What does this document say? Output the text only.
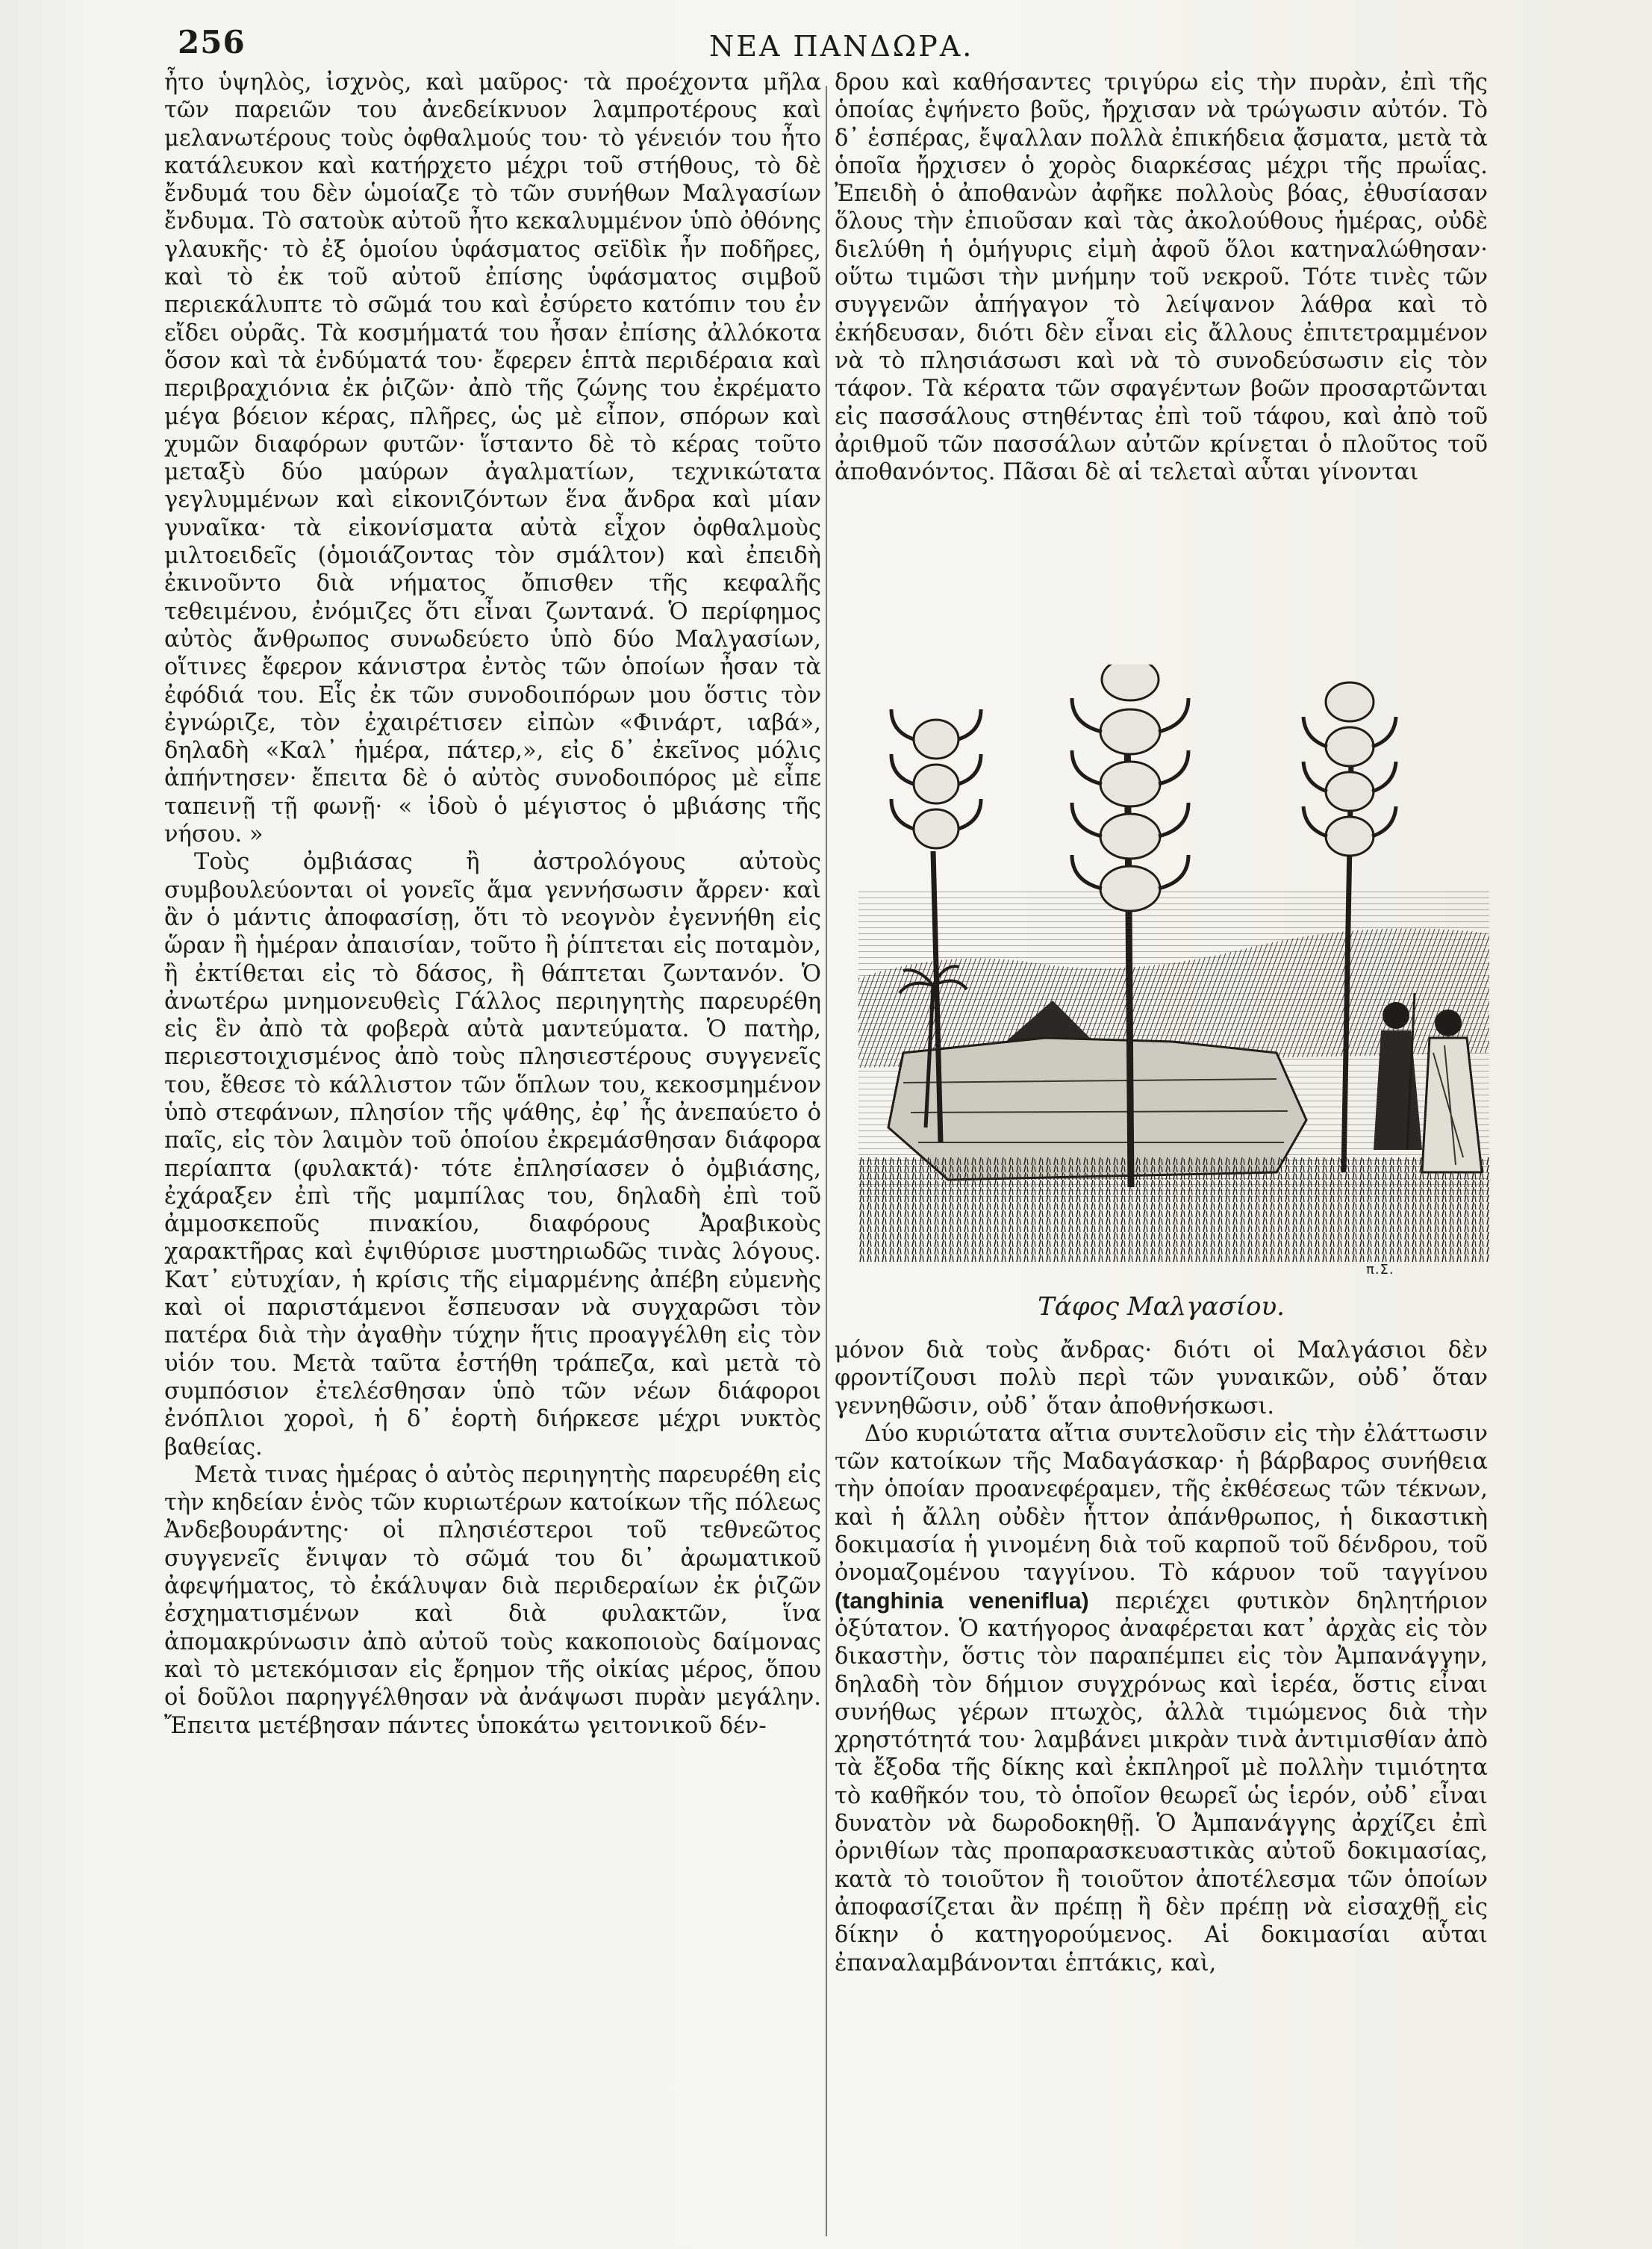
256	ΝΕΑ ΠΑΝΔΩΡΑ.

ἦτο ὑψηλὸς, ἰσχνὸς, καὶ μαῦρος· τὰ προέχοντα μῆλα τῶν παρειῶν του ἀνεδείκνυον λαμπροτέρους καὶ μελανωτέρους τοὺς ὀφθαλμούς του· τὸ γένειόν του ἦτο κατάλευκον καὶ κατήρχετο μέχρι τοῦ στήθους, τὸ δὲ ἔνδυμά του δὲν ὡμοίαζε τὸ τῶν συνήθων Μαλγασίων ἔνδυμα. Τὸ σατοὺκ αὐτοῦ ἦτο κεκαλυμμένον ὑπὸ ὀθόνης γλαυκῆς· τὸ ἐξ ὁμοίου ὑφάσματος σεϊδὶκ ἦν ποδῆρες, καὶ τὸ ἐκ τοῦ αὐτοῦ ἐπίσης ὑφάσματος σιμβοῦ περιεκάλυπτε τὸ σῶμά του καὶ ἐσύρετο κατόπιν του ἐν εἴδει οὐρᾶς. Τὰ κοσμήματά του ἦσαν ἐπίσης ἀλλόκοτα ὅσον καὶ τὰ ἐνδύματά του· ἔφερεν ἑπτὰ περιδέραια καὶ περιβραχιόνια ἐκ ῥιζῶν· ἀπὸ τῆς ζώνης του ἐκρέματο μέγα βόειον κέρας, πλῆρες, ὡς μὲ εἶπον, σπόρων καὶ χυμῶν διαφόρων φυτῶν· ἵσταντο δὲ τὸ κέρας τοῦτο μεταξὺ δύο μαύρων ἀγαλματίων, τεχνικώτατα γεγλυμμένων καὶ εἰκονιζόντων ἕνα ἄνδρα καὶ μίαν γυναῖκα· τὰ εἰκονίσματα αὐτὰ εἶχον ὀφθαλμοὺς μιλτοειδεῖς (ὁμοιάζοντας τὸν σμάλτον) καὶ ἐπειδὴ ἐκινοῦντο διὰ νήματος ὄπισθεν τῆς κεφαλῆς τεθειμένου, ἐνόμιζες ὅτι εἶναι ζωντανά. Ὁ περίφημος αὐτὸς ἄνθρωπος συνωδεύετο ὑπὸ δύο Μαλγασίων, οἵτινες ἔφερον κάνιστρα ἐντὸς τῶν ὁποίων ἦσαν τὰ ἐφόδιά του. Εἷς ἐκ τῶν συνοδοιπόρων μου ὅστις τὸν ἐγνώριζε, τὸν ἐχαιρέτισεν εἰπὼν «Φινάρτ, ιαβά», δηλαδὴ «Καλ᾽ ἡμέρα, πάτερ,», εἰς δ᾽ ἐκεῖνος μόλις ἀπήντησεν· ἔπειτα δὲ ὁ αὐτὸς συνοδοιπόρος μὲ εἶπε ταπεινῇ τῇ φωνῇ· « ἰδοὺ ὁ μέγιστος ὁ μβιάσης τῆς νήσου. »

Τοὺς ὀμβιάσας ἢ ἀστρολόγους αὐτοὺς συμβουλεύονται οἱ γονεῖς ἅμα γεννήσωσιν ἄρρεν· καὶ ἂν ὁ μάντις ἀποφασίσῃ, ὅτι τὸ νεογνὸν ἐγεννήθη εἰς ὥραν ἢ ἡμέραν ἀπαισίαν, τοῦτο ἢ ῥίπτεται εἰς ποταμὸν, ἢ ἐκτίθεται εἰς τὸ δάσος, ἢ θάπτεται ζωντανόν. Ὁ ἀνωτέρω μνημονευθεὶς Γάλλος περιηγητὴς παρευρέθη εἰς ἓν ἀπὸ τὰ φοβερὰ αὐτὰ μαντεύματα. Ὁ πατὴρ, περιεστοιχισμένος ἀπὸ τοὺς πλησιεστέρους συγγενεῖς του, ἔθεσε τὸ κάλλιστον τῶν ὅπλων του, κεκοσμημένον ὑπὸ στεφάνων, πλησίον τῆς ψάθης, ἐφ᾽ ἧς ἀνεπαύετο ὁ παῖς, εἰς τὸν λαιμὸν τοῦ ὁποίου ἐκρεμάσθησαν διάφορα περίαπτα (φυλακτά)· τότε ἐπλησίασεν ὁ ὀμβιάσης, ἐχάραξεν ἐπὶ τῆς μαμπίλας του, δηλαδὴ ἐπὶ τοῦ ἀμμοσκεποῦς πινακίου, διαφόρους Ἀραβικοὺς χαρακτῆρας καὶ ἐψιθύρισε μυστηριωδῶς τινὰς λόγους. Κατ᾽ εὐτυχίαν, ἡ κρίσις τῆς εἱμαρμένης ἀπέβη εὐμενὴς καὶ οἱ παριστάμενοι ἔσπευσαν νὰ συγχαρῶσι τὸν πατέρα διὰ τὴν ἀγαθὴν τύχην ἥτις προαγγέλθη εἰς τὸν υἱόν του. Μετὰ ταῦτα ἐστήθη τράπεζα, καὶ μετὰ τὸ συμπόσιον ἐτελέσθησαν ὑπὸ τῶν νέων διάφοροι ἐνόπλιοι χοροὶ, ἡ δ᾽ ἑορτὴ διήρκεσε μέχρι νυκτὸς βαθείας.

Μετὰ τινας ἡμέρας ὁ αὐτὸς περιηγητὴς παρευρέθη εἰς τὴν κηδείαν ἑνὸς τῶν κυριωτέρων κατοίκων τῆς πόλεως Ἀνδεβουράντης· οἱ πλησιέστεροι τοῦ τεθνεῶτος συγγενεῖς ἔνιψαν τὸ σῶμά του δι᾽ ἀρωματικοῦ ἀφεψήματος, τὸ ἐκάλυψαν διὰ περιδεραίων ἐκ ῥιζῶν ἐσχηματισμένων καὶ διὰ φυλακτῶν, ἵνα ἀπομακρύνωσιν ἀπὸ αὐτοῦ τοὺς κακοποιοὺς δαίμονας καὶ τὸ μετεκόμισαν εἰς ἔρημον τῆς οἰκίας μέρος, ὅπου οἱ δοῦλοι παρηγγέλθησαν νὰ ἀνάψωσι πυρὰν μεγάλην. Ἔπειτα μετέβησαν πάντες ὑποκάτω γειτονικοῦ δέν-

δρου καὶ καθήσαντες τριγύρω εἰς τὴν πυρὰν, ἐπὶ τῆς ὁποίας ἐψήνετο βοῦς, ἤρχισαν νὰ τρώγωσιν αὐτόν. Τὸ δ᾽ ἑσπέρας, ἔψαλλαν πολλὰ ἐπικήδεια ᾄσματα, μετὰ τὰ ὁποῖα ἤρχισεν ὁ χορὸς διαρκέσας μέχρι τῆς πρωΐας. Ἐπειδὴ ὁ ἀποθανὼν ἀφῆκε πολλοὺς βόας, ἐθυσίασαν ὅλους τὴν ἐπιοῦσαν καὶ τὰς ἀκολούθους ἡμέρας, οὐδὲ διελύθη ἡ ὁμήγυρις εἰμὴ ἀφοῦ ὅλοι κατηναλώθησαν· οὕτω τιμῶσι τὴν μνήμην τοῦ νεκροῦ. Τότε τινὲς τῶν συγγενῶν ἀπήγαγον τὸ λείψανον λάθρα καὶ τὸ ἐκήδευσαν, διότι δὲν εἶναι εἰς ἄλλους ἐπιτετραμμένον νὰ τὸ πλησιάσωσι καὶ νὰ τὸ συνοδεύσωσιν εἰς τὸν τάφον. Τὰ κέρατα τῶν σφαγέντων βοῶν προσαρτῶνται εἰς πασσάλους στηθέντας ἐπὶ τοῦ τάφου, καὶ ἀπὸ τοῦ ἀριθμοῦ τῶν πασσάλων αὐτῶν κρίνεται ὁ πλοῦτος τοῦ ἀποθανόντος. Πᾶσαι δὲ αἱ τελεταὶ αὗται γίνονται

π.Σ.
Τάφος Μαλγασίου.

μόνον διὰ τοὺς ἄνδρας· διότι οἱ Μαλγάσιοι δὲν φροντίζουσι πολὺ περὶ τῶν γυναικῶν, οὐδ᾽ ὅταν γεννηθῶσιν, οὐδ᾽ ὅταν ἀποθνήσκωσι.

Δύο κυριώτατα αἴτια συντελοῦσιν εἰς τὴν ἐλάττωσιν τῶν κατοίκων τῆς Μαδαγάσκαρ· ἡ βάρβαρος συνήθεια τὴν ὁποίαν προανεφέραμεν, τῆς ἐκθέσεως τῶν τέκνων, καὶ ἡ ἄλλη οὐδὲν ἧττον ἀπάνθρωπος, ἡ δικαστικὴ δοκιμασία ἡ γινομένη διὰ τοῦ καρποῦ τοῦ δένδρου, τοῦ ὀνομαζομένου ταγγίνου. Τὸ κάρυον τοῦ ταγγίνου (tanghinia veneniflua) περιέχει φυτικὸν δηλητήριον ὀξύτατον. Ὁ κατήγορος ἀναφέρεται κατ᾽ ἀρχὰς εἰς τὸν δικαστὴν, ὅστις τὸν παραπέμπει εἰς τὸν Ἀμπανάγγην, δηλαδὴ τὸν δήμιον συγχρόνως καὶ ἱερέα, ὅστις εἶναι συνήθως γέρων πτωχὸς, ἀλλὰ τιμώμενος διὰ τὴν χρηστότητά του· λαμβάνει μικρὰν τινὰ ἀντιμισθίαν ἀπὸ τὰ ἔξοδα τῆς δίκης καὶ ἐκπληροῖ μὲ πολλὴν τιμιότητα τὸ καθῆκόν του, τὸ ὁποῖον θεωρεῖ ὡς ἱερόν, οὐδ᾽ εἶναι δυνατὸν νὰ δωροδοκηθῇ. Ὁ Ἀμπανάγγης ἀρχίζει ἐπὶ ὀρνιθίων τὰς προπαρασκευαστικὰς αὐτοῦ δοκιμασίας, κατὰ τὸ τοιοῦτον ἢ τοιοῦτον ἀποτέλεσμα τῶν ὁποίων ἀποφασίζεται ἂν πρέπῃ ἢ δὲν πρέπῃ νὰ εἰσαχθῇ εἰς δίκην ὁ κατηγορούμενος. Αἱ δοκιμασίαι αὗται ἐπαναλαμβάνονται ἑπτάκις, καὶ,
